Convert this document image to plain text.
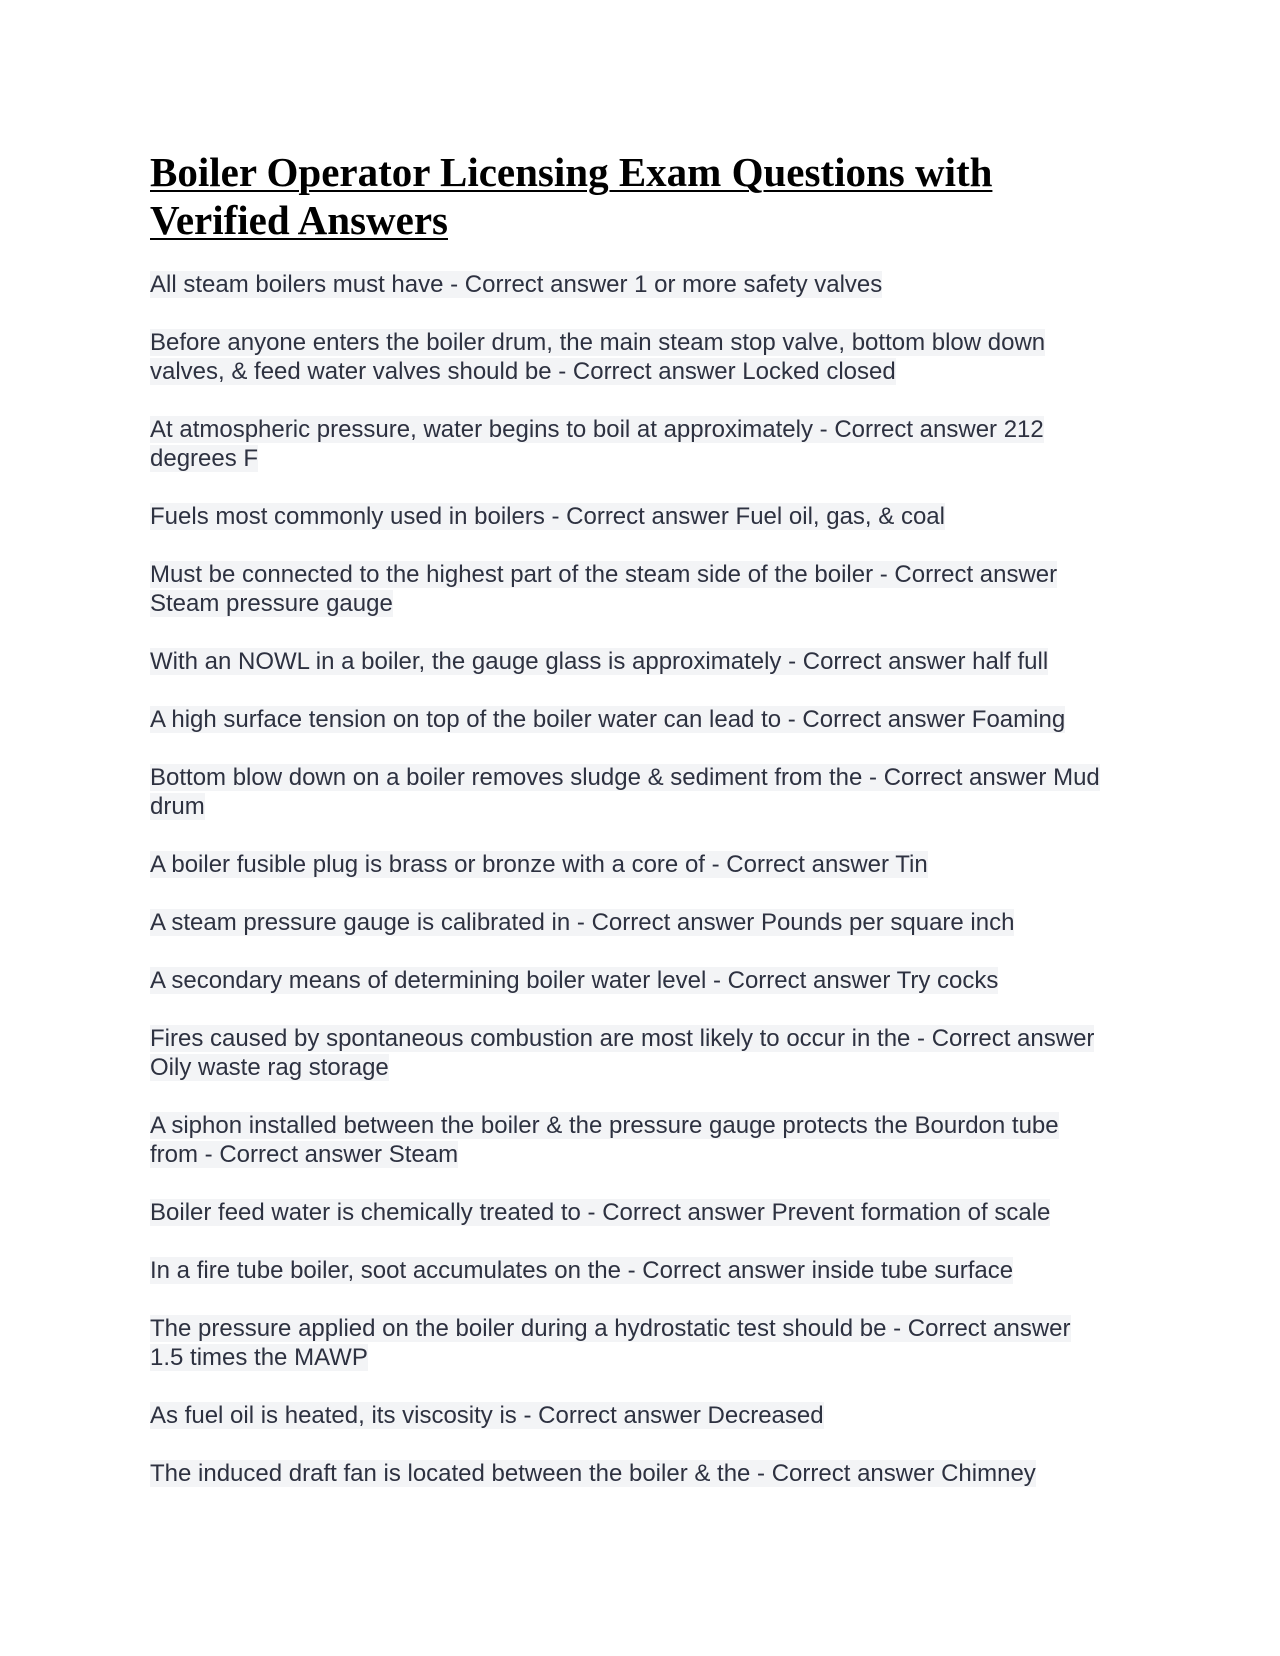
Boiler Operator Licensing Exam Questions with Verified Answers
All steam boilers must have - Correct answer 1 or more safety valves
Before anyone enters the boiler drum, the main steam stop valve, bottom blow down valves, & feed water valves should be - Correct answer Locked closed
At atmospheric pressure, water begins to boil at approximately - Correct answer 212 degrees F
Fuels most commonly used in boilers - Correct answer Fuel oil, gas, & coal
Must be connected to the highest part of the steam side of the boiler - Correct answer Steam pressure gauge
With an NOWL in a boiler, the gauge glass is approximately - Correct answer half full
A high surface tension on top of the boiler water can lead to - Correct answer Foaming
Bottom blow down on a boiler removes sludge & sediment from the - Correct answer Mud drum
A boiler fusible plug is brass or bronze with a core of - Correct answer Tin
A steam pressure gauge is calibrated in - Correct answer Pounds per square inch
A secondary means of determining boiler water level - Correct answer Try cocks
Fires caused by spontaneous combustion are most likely to occur in the - Correct answer Oily waste rag storage
A siphon installed between the boiler & the pressure gauge protects the Bourdon tube from - Correct answer Steam
Boiler feed water is chemically treated to - Correct answer Prevent formation of scale
In a fire tube boiler, soot accumulates on the - Correct answer inside tube surface
The pressure applied on the boiler during a hydrostatic test should be - Correct answer 1.5 times the MAWP
As fuel oil is heated, its viscosity is - Correct answer Decreased
The induced draft fan is located between the boiler & the - Correct answer Chimney
